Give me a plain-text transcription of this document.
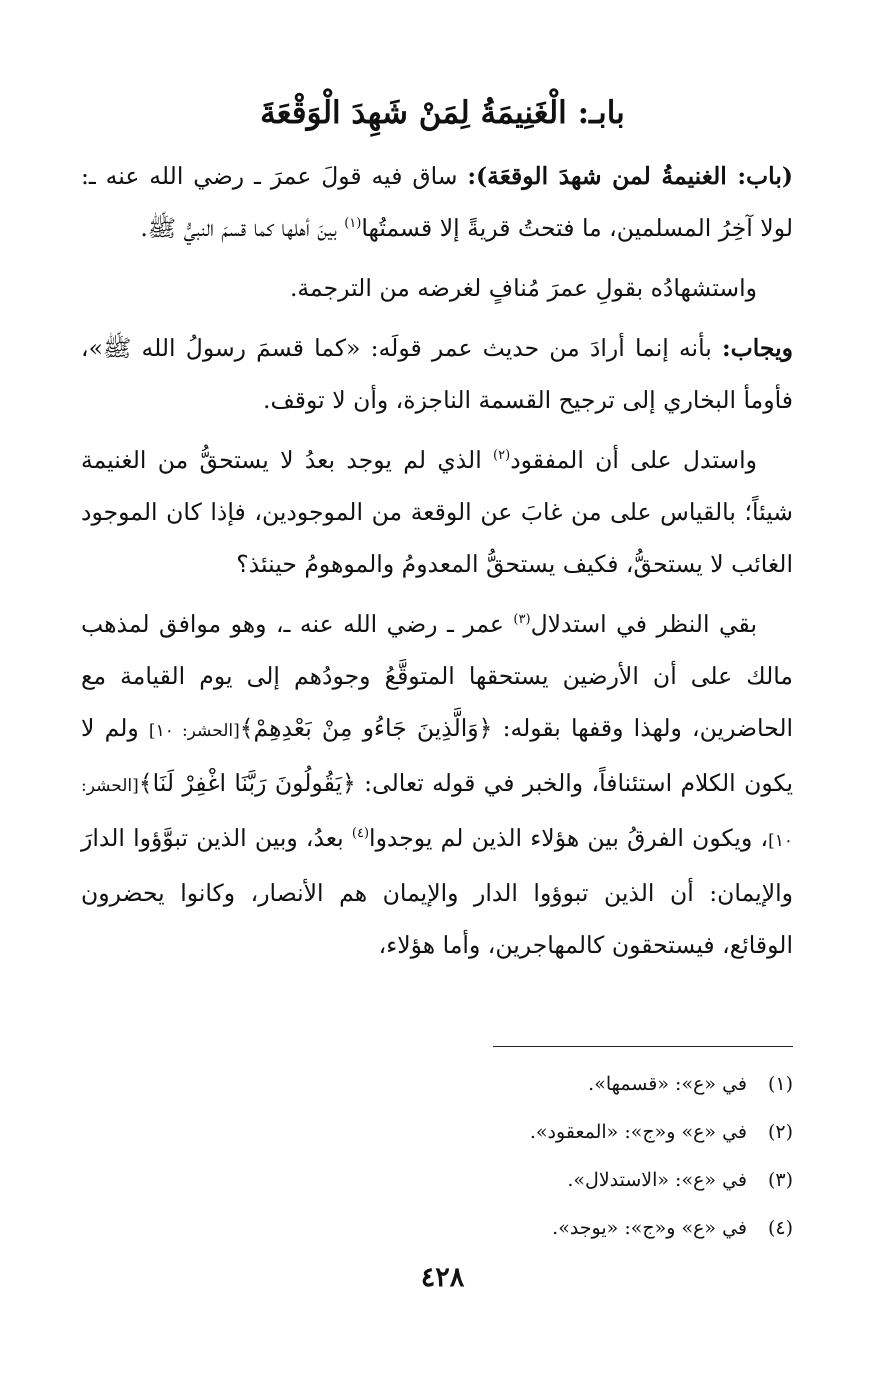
بابـ: الْغَنِيمَةُ لِمَنْ شَهِدَ الْوَقْعَةَ

(باب: الغنيمةُ لمن شهدَ الوقعَة): ساق فيه قولَ عمرَ ـ رضي الله عنه ـ: لولا آخِرُ المسلمين، ما فتحتُ قريةً إلا قسمتُها$^{(١)}$ بينَ أهلها كما قسمَ النبيُّ ﷺ.

واستشهادُه بقولِ عمرَ مُنافٍ لغرضه من الترجمة.

ويجاب: بأنه إنما أرادَ من حديث عمر قولَه: «كما قسمَ رسولُ الله ﷺ»، فأومأ البخاري إلى ترجيح القسمة الناجزة، وأن لا توقف.

واستدل على أن المفقود$^{(٢)}$ الذي لم يوجد بعدُ لا يستحقُّ من الغنيمة شيئاً؛ بالقياس على من غابَ عن الوقعة من الموجودين، فإذا كان الموجود الغائب لا يستحقُّ، فكيف يستحقُّ المعدومُ والموهومُ حينئذ؟

بقي النظر في استدلال$^{(٣)}$ عمر ـ رضي الله عنه ـ، وهو موافق لمذهب مالك على أن الأرضين يستحقها المتوقَّعُ وجودُهم إلى يوم القيامة مع الحاضرين، ولهذا وقفها بقوله: ﴿وَالَّذِينَ جَاءُو مِنْ بَعْدِهِمْ﴾[الحشر: ١٠] ولم لا يكون الكلام استئنافاً، والخبر في قوله تعالى: ﴿يَقُولُونَ رَبَّنَا اغْفِرْ لَنَا﴾[الحشر: ١٠]، ويكون الفرقُ بين هؤلاء الذين لم يوجدوا$^{(٤)}$ بعدُ، وبين الذين تبوَّؤوا الدارَ والإيمان: أن الذين تبوؤوا الدار والإيمان هم الأنصار، وكانوا يحضرون الوقائع، فيستحقون كالمهاجرين، وأما هؤلاء،

(١)في «ع»: «قسمها».
(٢)في «ع» و«ج»: «المعقود».
(٣)في «ع»: «الاستدلال».
(٤)في «ع» و«ج»: «يوجد».
٤٢٨
